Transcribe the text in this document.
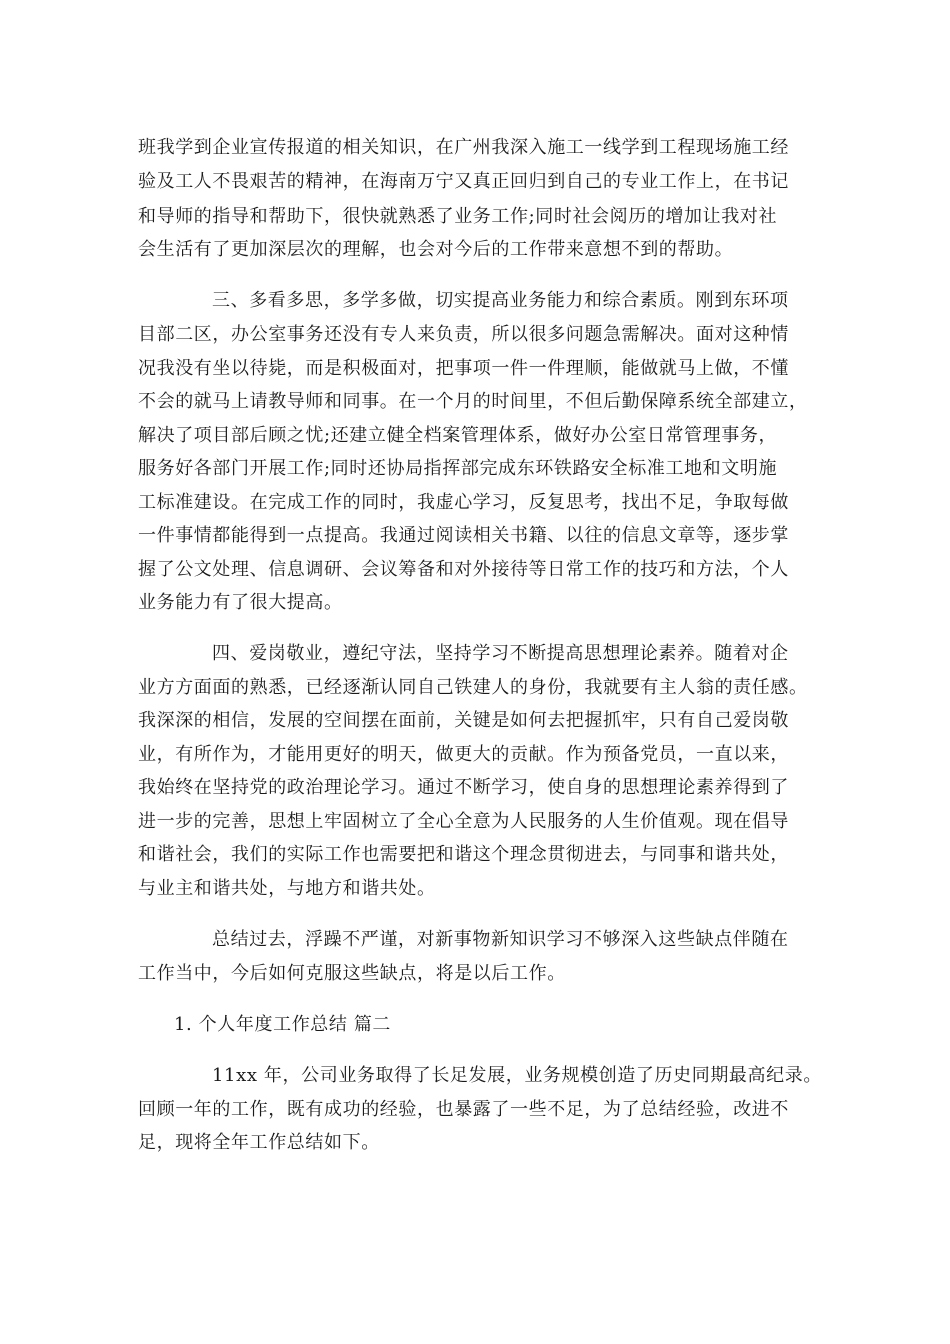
班我学到企业宣传报道的相关知识，在广州我深入施工一线学到工程现场施工经
验及工人不畏艰苦的精神，在海南万宁又真正回归到自己的专业工作上，在书记
和导师的指导和帮助下，很快就熟悉了业务工作;同时社会阅历的增加让我对社
会生活有了更加深层次的理解，也会对今后的工作带来意想不到的帮助。
三、多看多思，多学多做，切实提高业务能力和综合素质。刚到东环项
目部二区，办公室事务还没有专人来负责，所以很多问题急需解决。面对这种情
况我没有坐以待毙，而是积极面对，把事项一件一件理顺，能做就马上做，不懂
不会的就马上请教导师和同事。在一个月的时间里，不但后勤保障系统全部建立，
解决了项目部后顾之忧;还建立健全档案管理体系，做好办公室日常管理事务，
服务好各部门开展工作;同时还协局指挥部完成东环铁路安全标准工地和文明施
工标准建设。在完成工作的同时，我虚心学习，反复思考，找出不足，争取每做
一件事情都能得到一点提高。我通过阅读相关书籍、以往的信息文章等，逐步掌
握了公文处理、信息调研、会议筹备和对外接待等日常工作的技巧和方法，个人
业务能力有了很大提高。
四、爱岗敬业，遵纪守法，坚持学习不断提高思想理论素养。随着对企
业方方面面的熟悉，已经逐渐认同自己铁建人的身份，我就要有主人翁的责任感。
我深深的相信，发展的空间摆在面前，关键是如何去把握抓牢，只有自己爱岗敬
业，有所作为，才能用更好的明天，做更大的贡献。作为预备党员，一直以来，
我始终在坚持党的政治理论学习。通过不断学习，使自身的思想理论素养得到了
进一步的完善，思想上牢固树立了全心全意为人民服务的人生价值观。现在倡导
和谐社会，我们的实际工作也需要把和谐这个理念贯彻进去，与同事和谐共处，
与业主和谐共处，与地方和谐共处。
总结过去，浮躁不严谨，对新事物新知识学习不够深入这些缺点伴随在
工作当中，今后如何克服这些缺点，将是以后工作。
1. 个人年度工作总结 篇二
11xx 年，公司业务取得了长足发展，业务规模创造了历史同期最高纪录。
回顾一年的工作，既有成功的经验，也暴露了一些不足，为了总结经验，改进不
足，现将全年工作总结如下。
